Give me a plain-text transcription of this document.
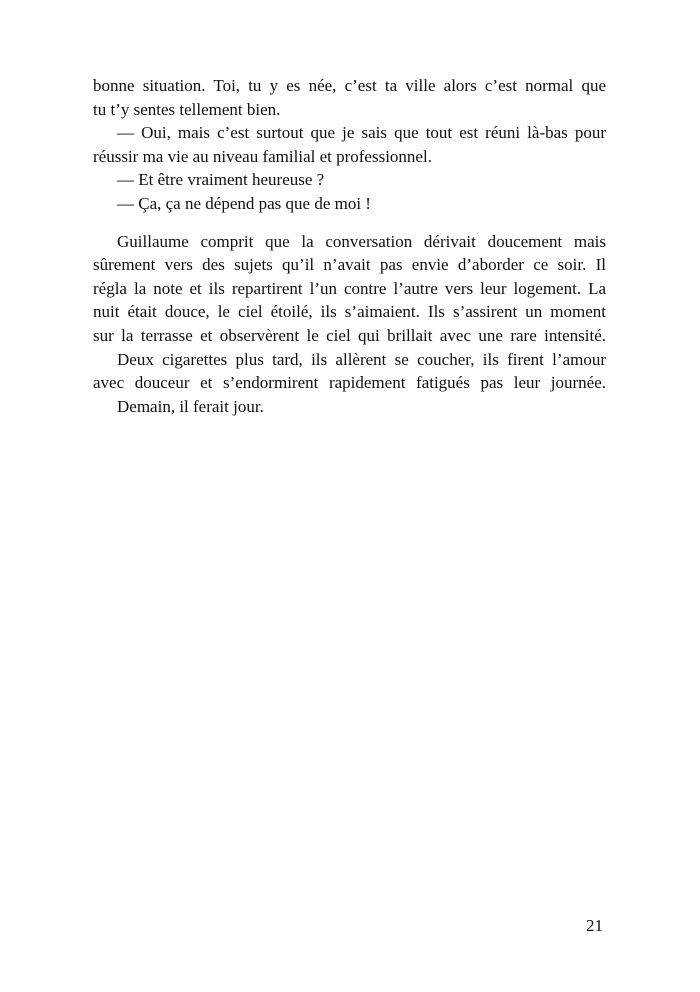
bonne situation. Toi, tu y es née, c’est ta ville alors c’est normal que
tu t’y sentes tellement bien.
— Oui, mais c’est surtout que je sais que tout est réuni là-bas pour
réussir ma vie au niveau familial et professionnel.
— Et être vraiment heureuse ?
— Ça, ça ne dépend pas que de moi !
Guillaume comprit que la conversation dérivait doucement mais
sûrement vers des sujets qu’il n’avait pas envie d’aborder ce soir. Il
régla la note et ils repartirent l’un contre l’autre vers leur logement. La
nuit était douce, le ciel étoilé, ils s’aimaient. Ils s’assirent un moment
sur la terrasse et observèrent le ciel qui brillait avec une rare intensité.
Deux cigarettes plus tard, ils allèrent se coucher, ils firent l’amour
avec douceur et s’endormirent rapidement fatigués pas leur journée.
Demain, il ferait jour.
21
